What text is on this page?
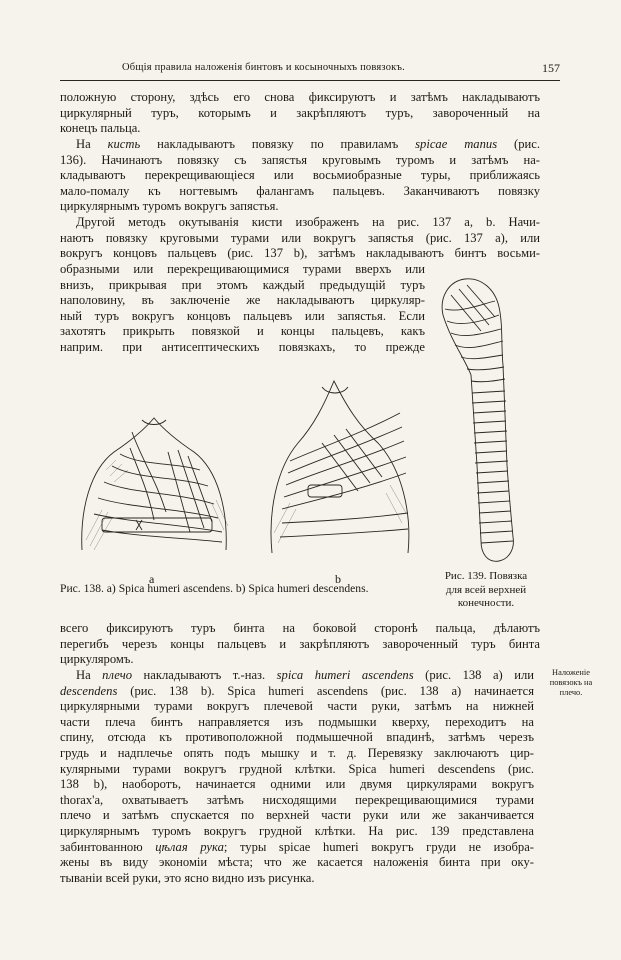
Общія правила наложенія бинтовъ и косыночныхъ повязокъ.	157

положную сторону, здѣсь его снова фиксируютъ и затѣмъ накладываютъ
циркулярный туръ, которымъ и закрѣпляютъ туръ, завороченный на
конецъ пальца.

На кисть накладываютъ повязку по правиламъ spicae manus (рис.
136). Начинаютъ повязку съ запястья круговымъ туромъ и затѣмъ на-
кладываютъ перекрещивающіеся или восьмиобразные туры, приближаясь
мало-помалу къ ногтевымъ фалангамъ пальцевъ. Заканчиваютъ повязку
циркулярнымъ туромъ вокругъ запястья.

Другой методъ окутыванія кисти изображенъ на рис. 137 a, b. Начи-
наютъ повязку круговыми турами или вокругъ запястья (рис. 137 a), или
вокругъ концовъ пальцевъ (рис. 137 b), затѣмъ накладываютъ бинтъ восьми-

образными или перекрещивающимися турами вверхъ или
внизъ, прикрывая при этомъ каждый предыдущій туръ
наполовину, въ заключеніе же накладываютъ циркуляр-
ный туръ вокругъ концовъ пальцевъ или запястья. Если
захотятъ прикрыть повязкой и концы пальцевъ, какъ
наприм. при антисептическихъ повязкахъ, то прежде

a	b
Рис. 138. a) Spica humeri ascendens. b) Spica humeri descendens.
Рис. 139. Повязка
для всей верхней
конечности.

всего фиксируютъ туръ бинта на боковой сторонѣ пальца, дѣлаютъ
перегибъ черезъ концы пальцевъ и закрѣпляютъ завороченный туръ бинта
циркуляромъ.

На плечо накладываютъ т.-наз. spica humeri ascendens (рис. 138 a) или
descendens (рис. 138 b). Spica humeri ascendens (рис. 138 a) начинается
циркулярными турами вокругъ плечевой части руки, затѣмъ на нижней
части плеча бинтъ направляется изъ подмышки кверху, переходитъ на
спину, отсюда къ противоположной подмышечной впадинѣ, затѣмъ черезъ
грудь и надплечье опять подъ мышку и т. д. Перевязку заключаютъ цир-
кулярными турами вокругъ грудной клѣтки. Spica humeri descendens (рис.
138 b), наоборотъ, начинается одними или двумя циркулярами вокругъ
thorax'а, охватываетъ затѣмъ нисходящими перекрещивающимися турами
плечо и затѣмъ спускается по верхней части руки или же заканчивается
циркулярнымъ туромъ вокругъ грудной клѣтки. На рис. 139 представлена
забинтованною цѣлая рука; туры spicae humeri вокругъ груди не изобра-
жены въ виду экономіи мѣста; что же касается наложенія бинта при оку-
тываніи всей руки, это ясно видно изъ рисунка.

Наложеніе
повязокъ на
плечо.
